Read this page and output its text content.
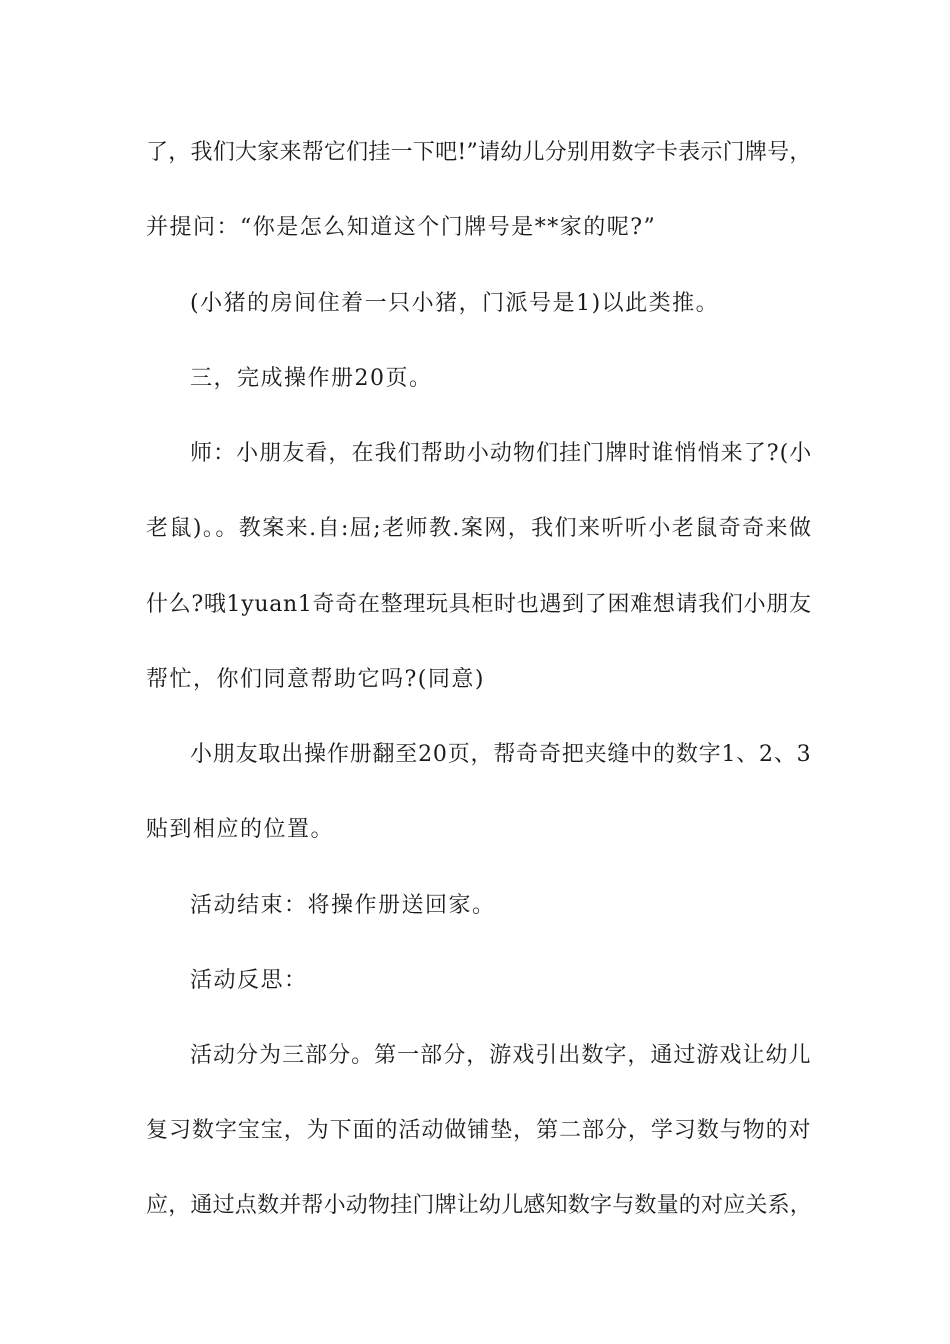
了，我们大家来帮它们挂一下吧!”请幼儿分别用数字卡表示门牌号，
并提问：“你是怎么知道这个门牌号是**家的呢?”
(小猪的房间住着一只小猪，门派号是1)以此类推。
三，完成操作册20页。
师：小朋友看，在我们帮助小动物们挂门牌时谁悄悄来了?(小
老鼠)。。教案来.自:屈;老师教.案网，我们来听听小老鼠奇奇来做
什么?哦1yuan1奇奇在整理玩具柜时也遇到了困难想请我们小朋友
帮忙，你们同意帮助它吗?(同意)
小朋友取出操作册翻至20页，帮奇奇把夹缝中的数字1、2、3
贴到相应的位置。
活动结束：将操作册送回家。
活动反思：
活动分为三部分。第一部分，游戏引出数字，通过游戏让幼儿
复习数字宝宝，为下面的活动做铺垫，第二部分，学习数与物的对
应，通过点数并帮小动物挂门牌让幼儿感知数字与数量的对应关系，
